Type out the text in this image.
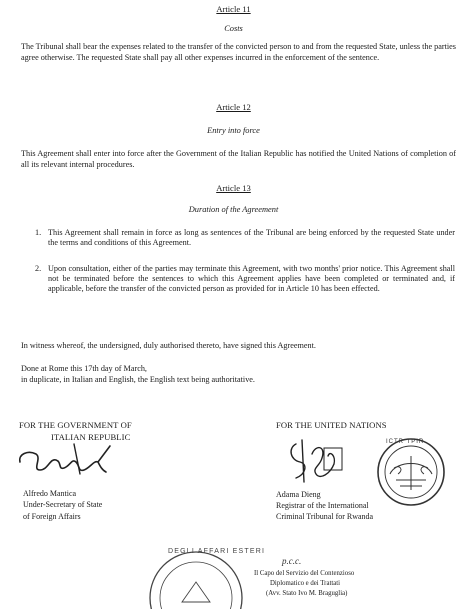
Article 11
Costs
The Tribunal shall bear the expenses related to the transfer of the convicted person to and from the requested State, unless the parties agree otherwise. The requested State shall pay all other expenses incurred in the enforcement of the sentence.
Article 12
Entry into force
This Agreement shall enter into force after the Government of the Italian Republic has notified the United Nations of completion of all its relevant internal procedures.
Article 13
Duration of the Agreement
1. This Agreement shall remain in force as long as sentences of the Tribunal are being enforced by the requested State under the terms and conditions of this Agreement.
2. Upon consultation, either of the parties may terminate this Agreement, with two months' prior notice. This Agreement shall not be terminated before the sentences to which this Agreement applies have been completed or terminated and, if applicable, before the transfer of the convicted person as provided for in Article 10 has been effected.
In witness whereof, the undersigned, duly authorised thereto, have signed this Agreement.
Done at Rome this 17th day of March,
in duplicate, in Italian and English, the English text being authoritative.
FOR THE GOVERNMENT OF
ITALIAN REPUBLIC
Alfredo Mantica
Under-Secretary of State
of Foreign Affairs
FOR THE UNITED NATIONS
ICTR TPIR
Adama Dieng
Registrar of the International
Criminal Tribunal for Rwanda
DEGLI AFFARI ESTERI
p.c.c.
Il Capo del Servizio del Contenzioso
Diplomatico e dei Trattati
(Avv. Stato Ivo M. Braguglia)
